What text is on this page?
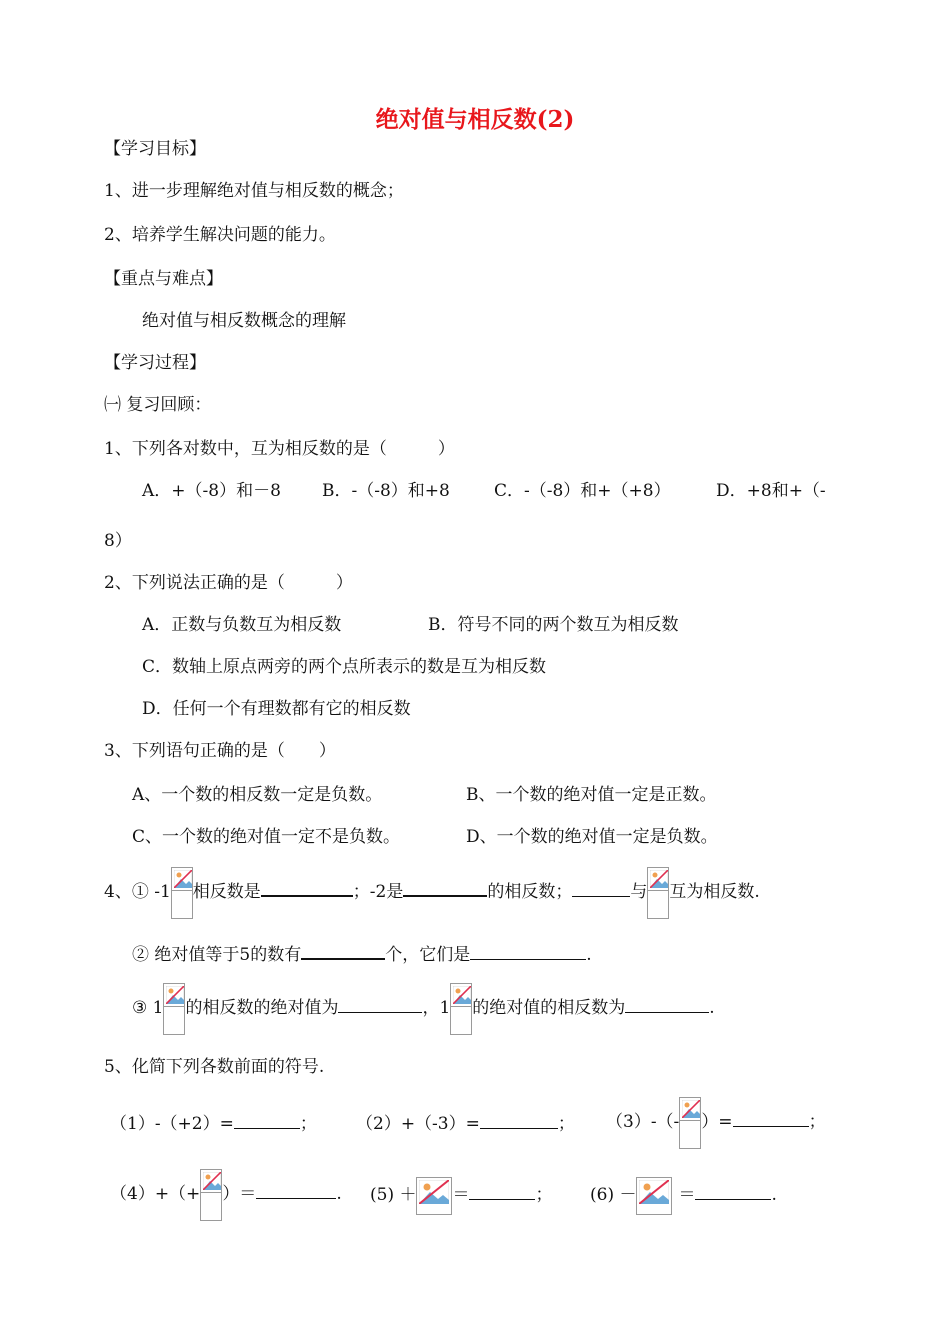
绝对值与相反数(2)
【学习目标】
1、进一步理解绝对值与相反数的概念；
2、培养学生解决问题的能力。
【重点与难点】
绝对值与相反数概念的理解
【学习过程】
㈠ 复习回顾：
1、下列各对数中，互为相反数的是（　　　）
A．+（-8）和－8 B．-（-8）和+8	C．-（-8）和+（+8）	D．+8和+（-
8）
2、下列说法正确的是（　　　）
A．正数与负数互为相反数	B．符号不同的两个数互为相反数
C．数轴上原点两旁的两个点所表示的数是互为相反数
D．任何一个有理数都有它的相反数
3、下列语句正确的是（　　）
A、一个数的相反数一定是负数。	B、一个数的绝对值一定是正数。
C、一个数的绝对值一定不是负数。	D、一个数的绝对值一定是负数。
4、① -1 相反数是	；-2是	的相反数；	与 互为相反数.
② 绝对值等于5的数有	个，它们是	.
③ 1 的相反数的绝对值为	，1 的绝对值的相反数为	.
5、化简下列各数前面的符号.
（1）-（+2）=	； （2）+（-3）=	； （3）-（- ）=	；
（4）+（+ ）＝	. (5) ＋ ＝	； (6) － ＝	.
